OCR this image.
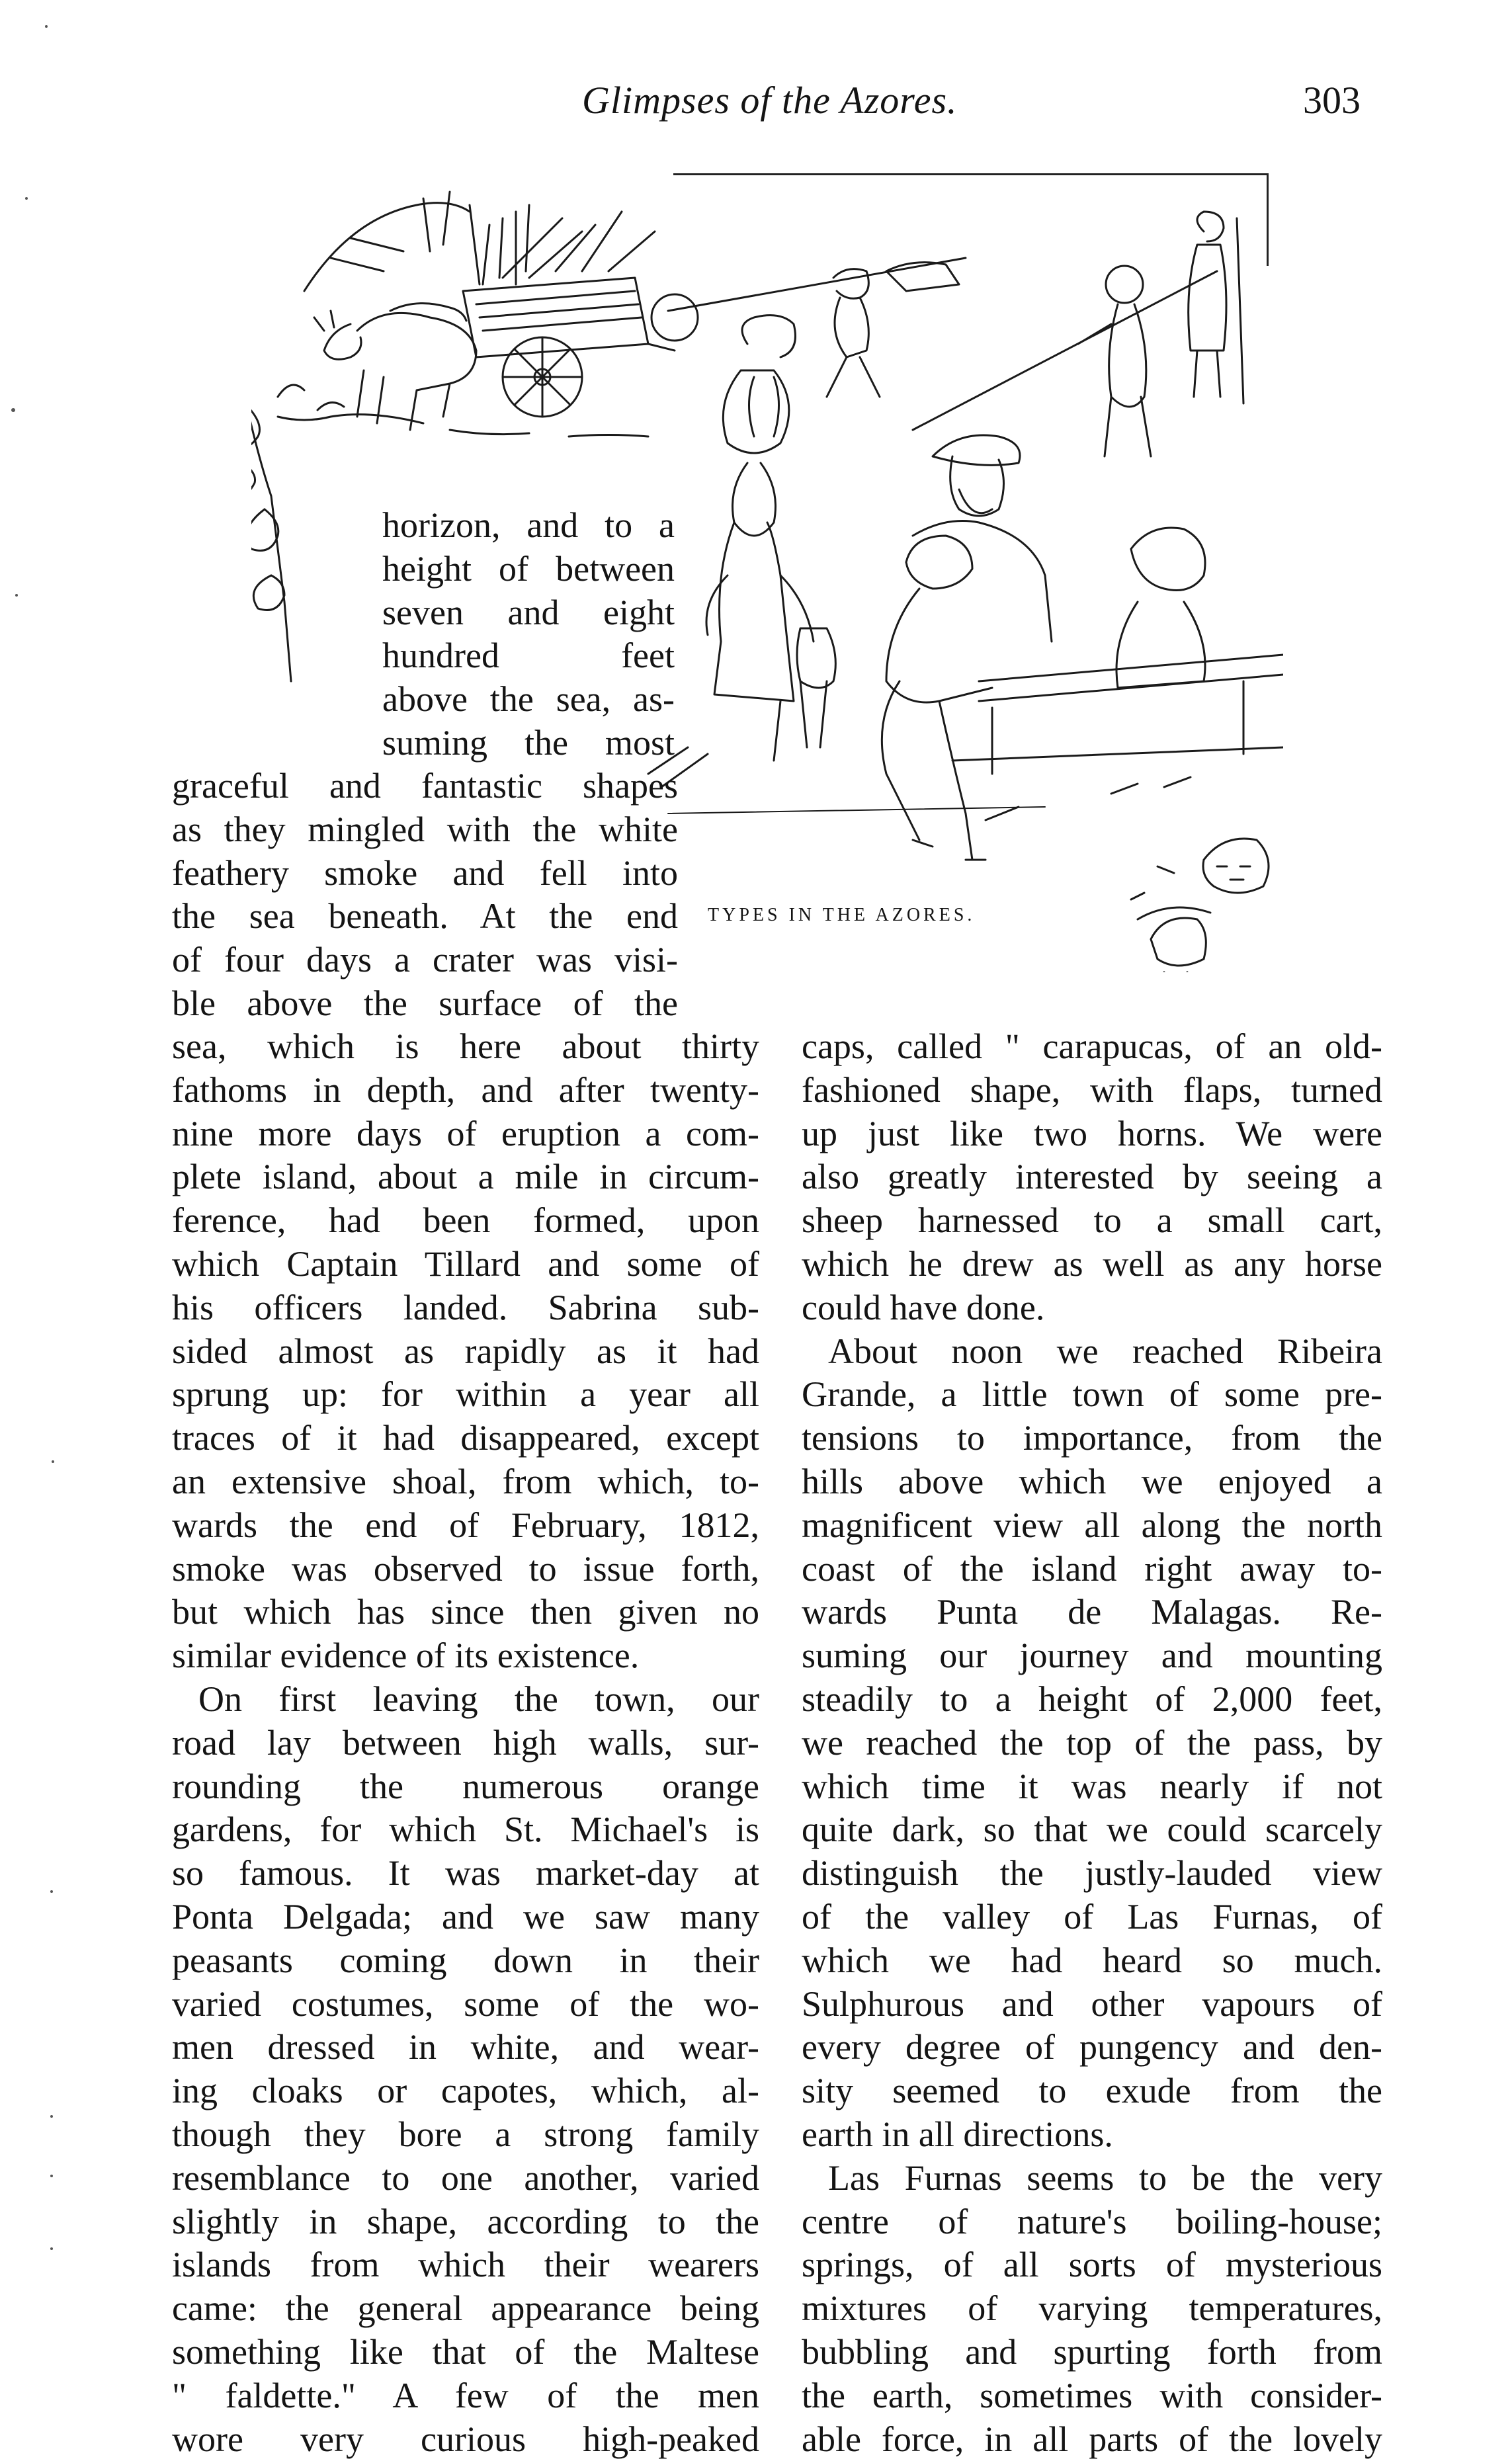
Glimpses of the Azores.	303
TYPES IN THE AZORES.
horizon, and to a
height of between
seven and eight
hundred feet
above the sea, as-
suming the most
graceful and fantastic shapes
as they mingled with the white
feathery smoke and fell into
the sea beneath. At the end
of four days a crater was visi-
ble above the surface of the
sea, which is here about thirty
fathoms in depth, and after twenty-
nine more days of eruption a com-
plete island, about a mile in circum-
ference, had been formed, upon
which Captain Tillard and some of
his officers landed. Sabrina sub-
sided almost as rapidly as it had
sprung up: for within a year all
traces of it had disappeared, except
an extensive shoal, from which, to-
wards the end of February, 1812,
smoke was observed to issue forth,
but which has since then given no
similar evidence of its existence.
On first leaving the town, our
road lay between high walls, sur-
rounding the numerous orange
gardens, for which St. Michael's is
so famous. It was market-day at
Ponta Delgada; and we saw many
peasants coming down in their
varied costumes, some of the wo-
men dressed in white, and wear-
ing cloaks or capotes, which, al-
though they bore a strong family
resemblance to one another, varied
slightly in shape, according to the
islands from which their wearers
came: the general appearance being
something like that of the Maltese
" faldette." A few of the men
wore very curious high-peaked
caps, called " carapucas, of an old-
fashioned shape, with flaps, turned
up just like two horns. We were
also greatly interested by seeing a
sheep harnessed to a small cart,
which he drew as well as any horse
could have done.
About noon we reached Ribeira
Grande, a little town of some pre-
tensions to importance, from the
hills above which we enjoyed a
magnificent view all along the north
coast of the island right away to-
wards Punta de Malagas. Re-
suming our journey and mounting
steadily to a height of 2,000 feet,
we reached the top of the pass, by
which time it was nearly if not
quite dark, so that we could scarcely
distinguish the justly-lauded view
of the valley of Las Furnas, of
which we had heard so much.
Sulphurous and other vapours of
every degree of pungency and den-
sity seemed to exude from the
earth in all directions.
Las Furnas seems to be the very
centre of nature's boiling-house;
springs, of all sorts of mysterious
mixtures of varying temperatures,
bubbling and spurting forth from
the earth, sometimes with consider-
able force, in all parts of the lovely
